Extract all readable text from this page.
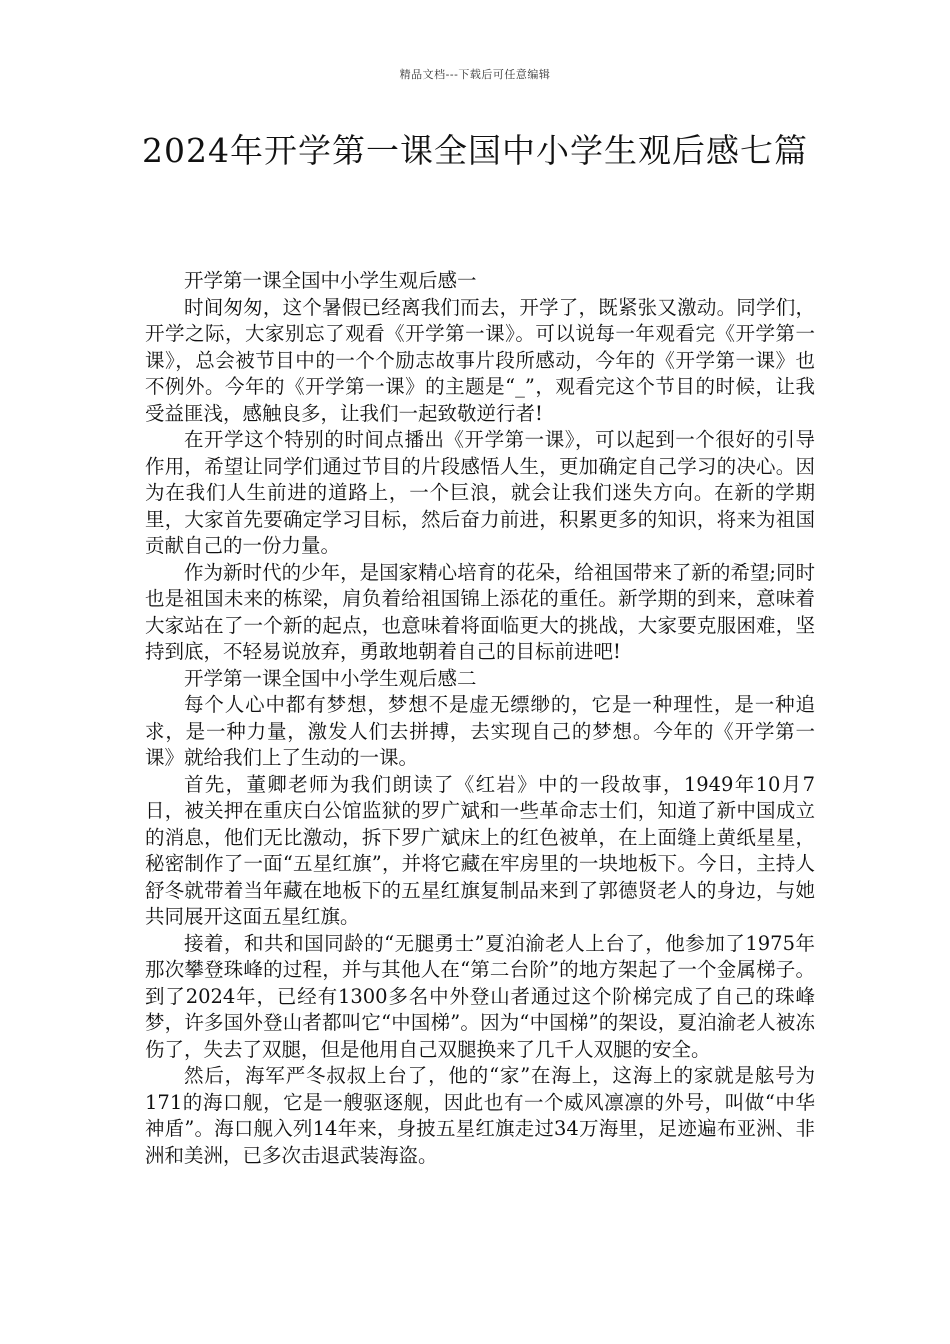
精品文档---下载后可任意编辑
2024年开学第一课全国中小学生观后感七篇

开学第一课全国中小学生观后感一

时间匆匆，这个暑假已经离我们而去，开学了，既紧张又激动。同学们，开学之际，大家别忘了观看《开学第一课》。可以说每一年观看完《开学第一课》，总会被节目中的一个个励志故事片段所感动，今年的《开学第一课》也不例外。今年的《开学第一课》的主题是“_”，观看完这个节目的时候，让我受益匪浅，感触良多，让我们一起致敬逆行者!

在开学这个特别的时间点播出《开学第一课》，可以起到一个很好的引导作用，希望让同学们通过节目的片段感悟人生，更加确定自己学习的决心。因为在我们人生前进的道路上，一个巨浪，就会让我们迷失方向。在新的学期里，大家首先要确定学习目标，然后奋力前进，积累更多的知识，将来为祖国贡献自己的一份力量。

作为新时代的少年，是国家精心培育的花朵，给祖国带来了新的希望;同时也是祖国未来的栋梁，肩负着给祖国锦上添花的重任。新学期的到来，意味着大家站在了一个新的起点，也意味着将面临更大的挑战，大家要克服困难，坚持到底，不轻易说放弃，勇敢地朝着自己的目标前进吧!

开学第一课全国中小学生观后感二

每个人心中都有梦想，梦想不是虚无缥缈的，它是一种理性，是一种追求，是一种力量，激发人们去拼搏，去实现自己的梦想。今年的《开学第一课》就给我们上了生动的一课。

首先，董卿老师为我们朗读了《红岩》中的一段故事，1949年10月7日，被关押在重庆白公馆监狱的罗广斌和一些革命志士们，知道了新中国成立的消息，他们无比激动，拆下罗广斌床上的红色被单，在上面缝上黄纸星星，秘密制作了一面“五星红旗”，并将它藏在牢房里的一块地板下。今日，主持人舒冬就带着当年藏在地板下的五星红旗复制品来到了郭德贤老人的身边，与她共同展开这面五星红旗。

接着，和共和国同龄的“无腿勇士”夏泊渝老人上台了，他参加了1975年那次攀登珠峰的过程，并与其他人在“第二台阶”的地方架起了一个金属梯子。到了2024年，已经有1300多名中外登山者通过这个阶梯完成了自己的珠峰梦，许多国外登山者都叫它“中国梯”。因为“中国梯”的架设，夏泊渝老人被冻伤了，失去了双腿，但是他用自己双腿换来了几千人双腿的安全。

然后，海军严冬叔叔上台了，他的“家”在海上，这海上的家就是舷号为171的海口舰，它是一艘驱逐舰，因此也有一个威风凛凛的外号，叫做“中华神盾”。海口舰入列14年来，身披五星红旗走过34万海里，足迹遍布亚洲、非洲和美洲，已多次击退武装海盗。
